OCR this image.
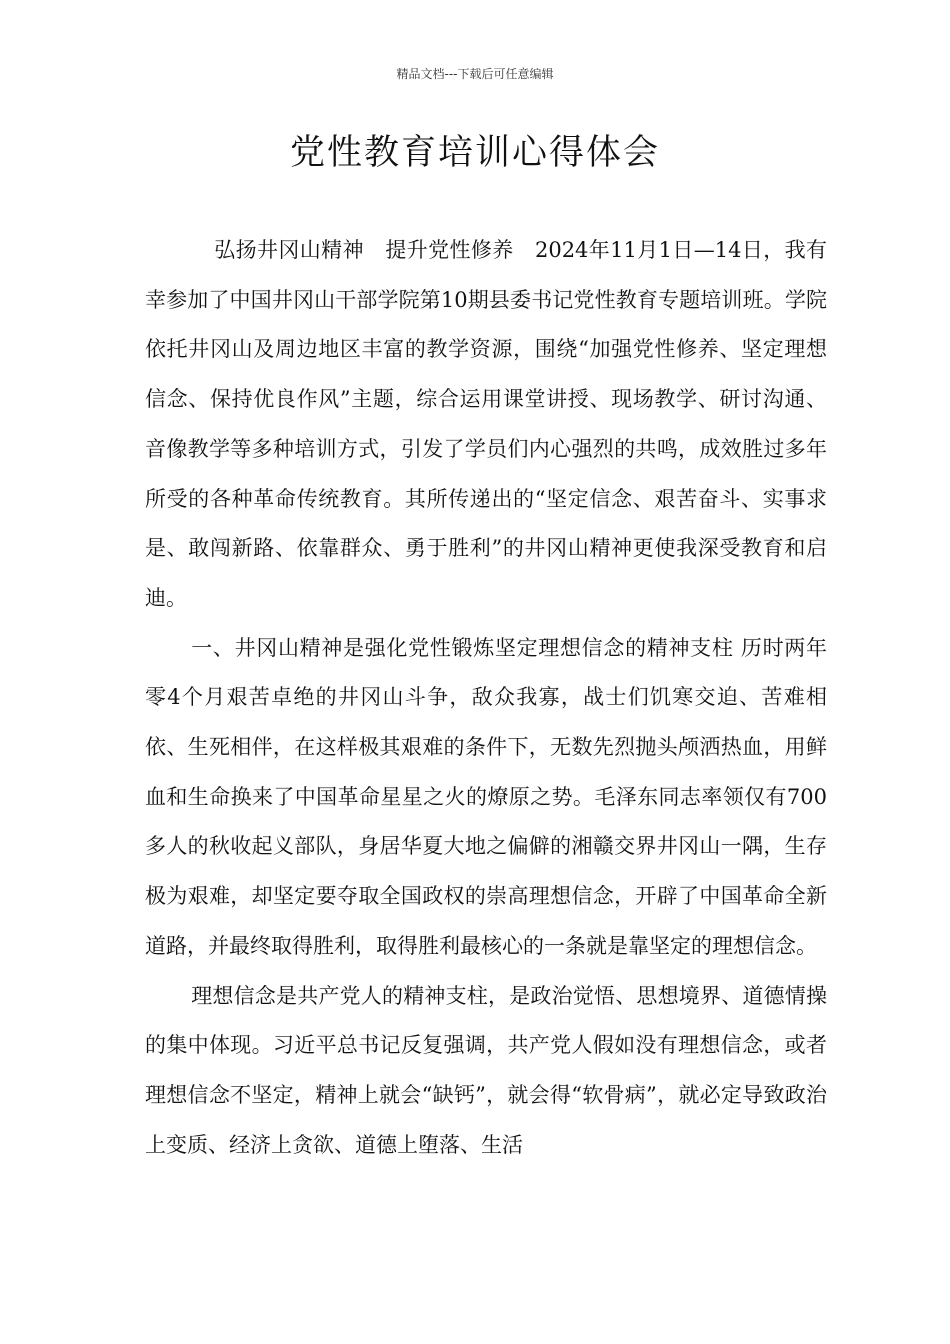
精品文档---下载后可任意编辑
党性教育培训心得体会

弘扬井冈山精神　提升党性修养　2024年11月1日—14日，我有幸参加了中国井冈山干部学院第10期县委书记党性教育专题培训班。学院依托井冈山及周边地区丰富的教学资源，围绕“加强党性修养、坚定理想信念、保持优良作风”主题，综合运用课堂讲授、现场教学、研讨沟通、音像教学等多种培训方式，引发了学员们内心强烈的共鸣，成效胜过多年所受的各种革命传统教育。其所传递出的“坚定信念、艰苦奋斗、实事求是、敢闯新路、依靠群众、勇于胜利”的井冈山精神更使我深受教育和启迪。

一、井冈山精神是强化党性锻炼坚定理想信念的精神支柱 历时两年零4个月艰苦卓绝的井冈山斗争，敌众我寡，战士们饥寒交迫、苦难相依、生死相伴，在这样极其艰难的条件下，无数先烈抛头颅洒热血，用鲜血和生命换来了中国革命星星之火的燎原之势。毛泽东同志率领仅有700多人的秋收起义部队，身居华夏大地之偏僻的湘赣交界井冈山一隅，生存极为艰难，却坚定要夺取全国政权的崇高理想信念，开辟了中国革命全新道路，并最终取得胜利，取得胜利最核心的一条就是靠坚定的理想信念。

理想信念是共产党人的精神支柱，是政治觉悟、思想境界、道德情操的集中体现。习近平总书记反复强调，共产党人假如没有理想信念，或者理想信念不坚定，精神上就会“缺钙”，就会得“软骨病”，就必定导致政治上变质、经济上贪欲、道德上堕落、生活
